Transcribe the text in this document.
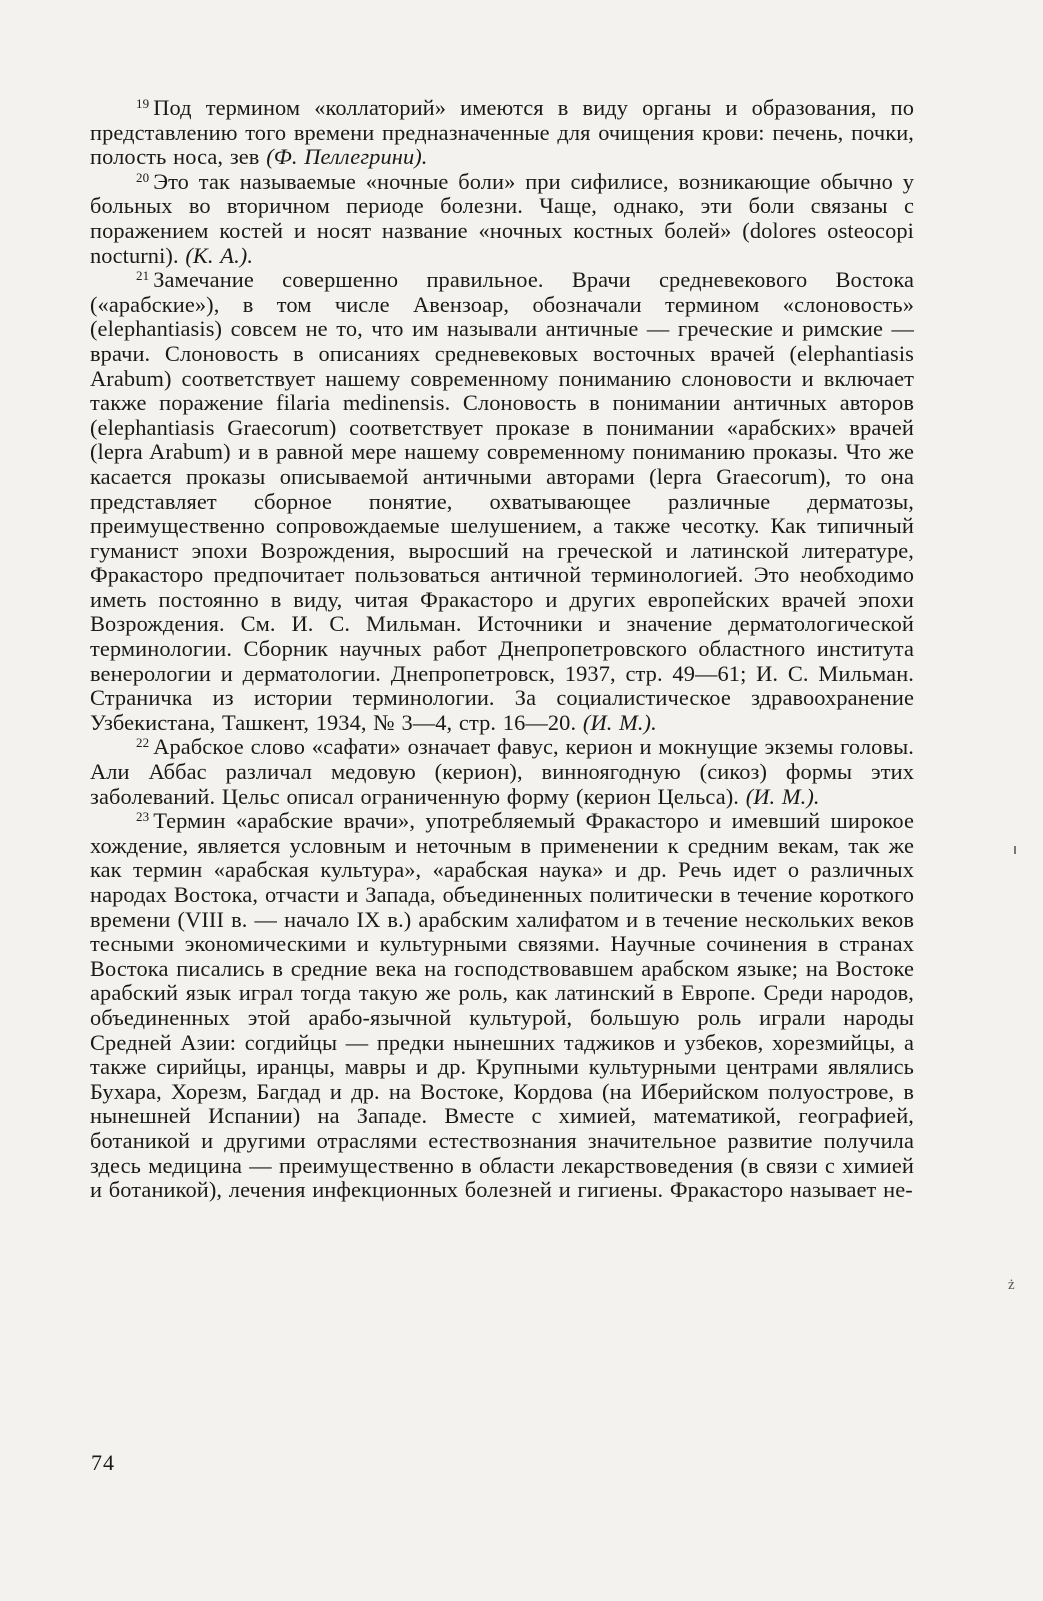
$^{19}$ Под термином «коллаторий» имеются в виду органы и образования, по представлению того времени предназначенные для очищения крови: печень, почки, полость носа, зев (Ф. Пеллегрини).

$^{20}$ Это так называемые «ночные боли» при сифилисе, возникающие обычно у больных во вторичном периоде болезни. Чаще, однако, эти боли связаны с поражением костей и носят название «ночных костных болей» (dolores osteocopi nocturni). (К. А.).

$^{21}$ Замечание совершенно правильное. Врачи средневекового Востока («арабские»), в том числе Авензоар, обозначали термином «слоновость» (elephantiasis) совсем не то, что им называли античные — греческие и римские — врачи. Слоновость в описаниях средневековых восточных врачей (elephantiasis Arabum) соответствует нашему современному пониманию слоновости и включает также поражение filaria medinensis. Слоновость в понимании античных авторов (elephantiasis Graecorum) соответствует проказе в понимании «арабских» врачей (lepra Arabum) и в равной мере нашему современному пониманию проказы. Что же касается проказы описываемой античными авторами (lepra Graecorum), то она представляет сборное понятие, охватывающее различные дерматозы, преимущественно сопровождаемые шелушением, а также чесотку. Как типичный гуманист эпохи Возрождения, выросший на греческой и латинской литературе, Фракасторо предпочитает пользоваться античной терминологией. Это необходимо иметь постоянно в виду, читая Фракасторо и других европейских врачей эпохи Возрождения. См. И. С. Мильман. Источники и значение дерматологической терминологии. Сборник научных работ Днепропетровского областного института венерологии и дерматологии. Днепропетровск, 1937, стр. 49—61; И. С. Мильман. Страничка из истории терминологии. За социалистическое здравоохранение Узбекистана, Ташкент, 1934, № 3—4, стр. 16—20. (И. М.).

$^{22}$ Арабское слово «сафати» означает фавус, керион и мокнущие экземы головы. Али Аббас различал медовую (керион), винноягодную (сикоз) формы этих заболеваний. Цельс описал ограниченную форму (керион Цельса). (И. М.).

$^{23}$ Термин «арабские врачи», употребляемый Фракасторо и имевший широкое хождение, является условным и неточным в применении к средним векам, так же как термин «арабская культура», «арабская наука» и др. Речь идет о различных народах Востока, отчасти и Запада, объединенных политически в течение короткого времени (VIII в. — начало IX в.) арабским халифатом и в течение нескольких веков тесными экономическими и культурными связями. Научные сочинения в странах Востока писались в средние века на господствовавшем арабском языке; на Востоке арабский язык играл тогда такую же роль, как латинский в Европе. Среди народов, объединенных этой арабо-язычной культурой, большую роль играли народы Средней Азии: согдийцы — предки нынешних таджиков и узбеков, хорезмийцы, а также сирийцы, иранцы, мавры и др. Крупными культурными центрами являлись Бухара, Хорезм, Багдад и др. на Востоке, Кордова (на Иберийском полуострове, в нынешней Испании) на Западе. Вместе с химией, математикой, географией, ботаникой и другими отраслями естествознания значительное развитие получила здесь медицина — преимущественно в области лекарствоведения (в связи с химией и ботаникой), лечения инфекционных болезней и гигиены. Фракасторо называет не-

ż
74
